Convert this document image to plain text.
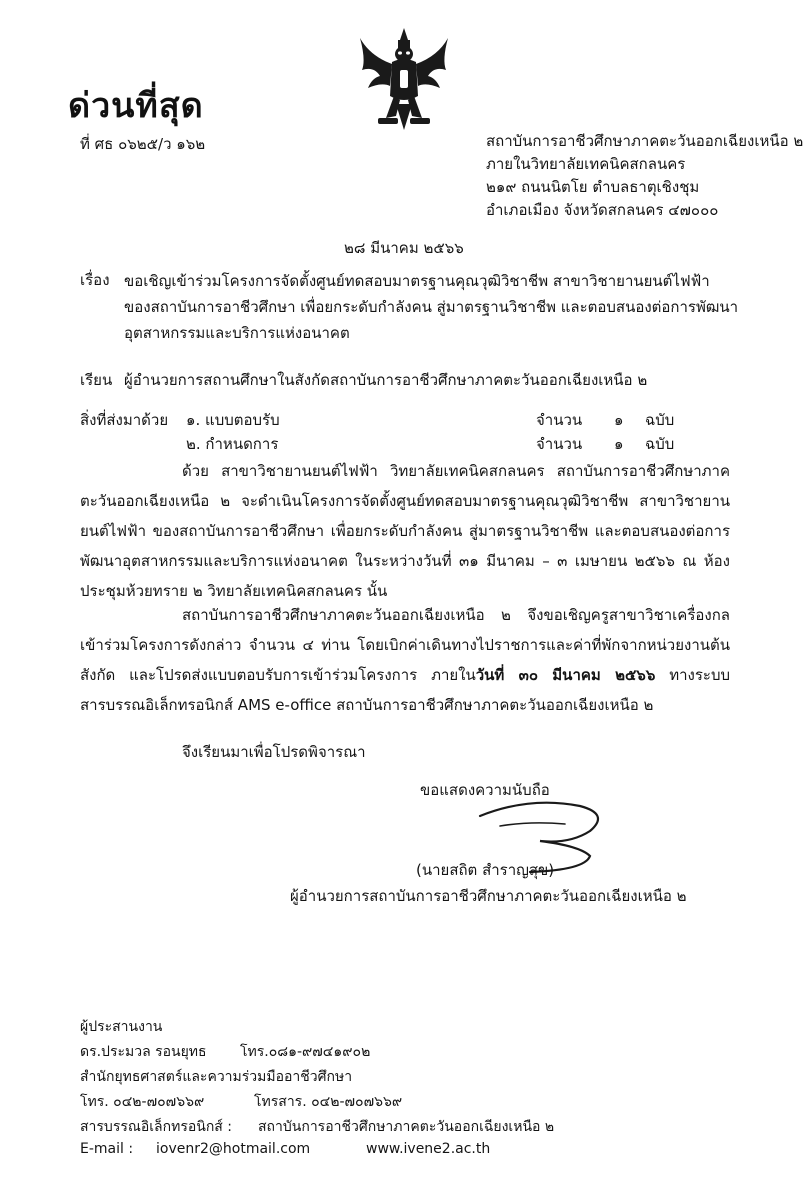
ด่วนที่สุด
ที่ ศธ ๐๖๒๕/ว ๑๖๒	สถาบันการอาชีวศึกษาภาคตะวันออกเฉียงเหนือ ๒
ภายในวิทยาลัยเทคนิคสกลนคร
๒๑๙ ถนนนิตโย ตำบลธาตุเชิงชุม
อำเภอเมือง จังหวัดสกลนคร ๔๗๐๐๐
๒๘ มีนาคม ๒๕๖๖
เรื่อง ขอเชิญเข้าร่วมโครงการจัดตั้งศูนย์ทดสอบมาตรฐานคุณวุฒิวิชาชีพ สาขาวิชายานยนต์ไฟฟ้า
ของสถาบันการอาชีวศึกษา เพื่อยกระดับกำลังคน สู่มาตรฐานวิชาชีพ และตอบสนองต่อการพัฒนา
อุตสาหกรรมและบริการแห่งอนาคต
เรียน ผู้อำนวยการสถานศึกษาในสังกัดสถาบันการอาชีวศึกษาภาคตะวันออกเฉียงเหนือ ๒
สิ่งที่ส่งมาด้วย ๑. แบบตอบรับ	จำนวน ๑ ฉบับ
๒. กำหนดการ	จำนวน ๑ ฉบับ
ด้วย สาขาวิชายานยนต์ไฟฟ้า วิทยาลัยเทคนิคสกลนคร สถาบันการอาชีวศึกษาภาคตะวันออกเฉียงเหนือ ๒ จะดำเนินโครงการจัดตั้งศูนย์ทดสอบมาตรฐานคุณวุฒิวิชาชีพ สาขาวิชายานยนต์ไฟฟ้า ของสถาบันการอาชีวศึกษา เพื่อยกระดับกำลังคน สู่มาตรฐานวิชาชีพ และตอบสนองต่อการพัฒนาอุตสาหกรรมและบริการแห่งอนาคต ในระหว่างวันที่ ๓๑ มีนาคม – ๓ เมษายน ๒๕๖๖ ณ ห้องประชุมห้วยทราย ๒ วิทยาลัยเทคนิคสกลนคร นั้น
สถาบันการอาชีวศึกษาภาคตะวันออกเฉียงเหนือ ๒ จึงขอเชิญครูสาขาวิชาเครื่องกล เข้าร่วมโครงการดังกล่าว จำนวน ๔ ท่าน โดยเบิกค่าเดินทางไปราชการและค่าที่พักจากหน่วยงานต้นสังกัด และโปรดส่งแบบตอบรับการเข้าร่วมโครงการ ภายในวันที่ ๓๐ มีนาคม ๒๕๖๖ ทางระบบสารบรรณอิเล็กทรอนิกส์ AMS e-office สถาบันการอาชีวศึกษาภาคตะวันออกเฉียงเหนือ ๒
จึงเรียนมาเพื่อโปรดพิจารณา
ขอแสดงความนับถือ
(นายสถิต สำราญสุข)
ผู้อำนวยการสถาบันการอาชีวศึกษาภาคตะวันออกเฉียงเหนือ ๒
ผู้ประสานงาน
ดร.ประมวล รอนยุทธ โทร.๐๘๑-๙๗๔๑๙๐๒
สำนักยุทธศาสตร์และความร่วมมืออาชีวศึกษา
โทร. ๐๔๒-๗๐๗๖๖๙	โทรสาร. ๐๔๒-๗๐๗๖๖๙
สารบรรณอิเล็กทรอนิกส์ : สถาบันการอาชีวศึกษาภาคตะวันออกเฉียงเหนือ ๒
E-mail : iovenr2@hotmail.com	www.ivene2.ac.th
